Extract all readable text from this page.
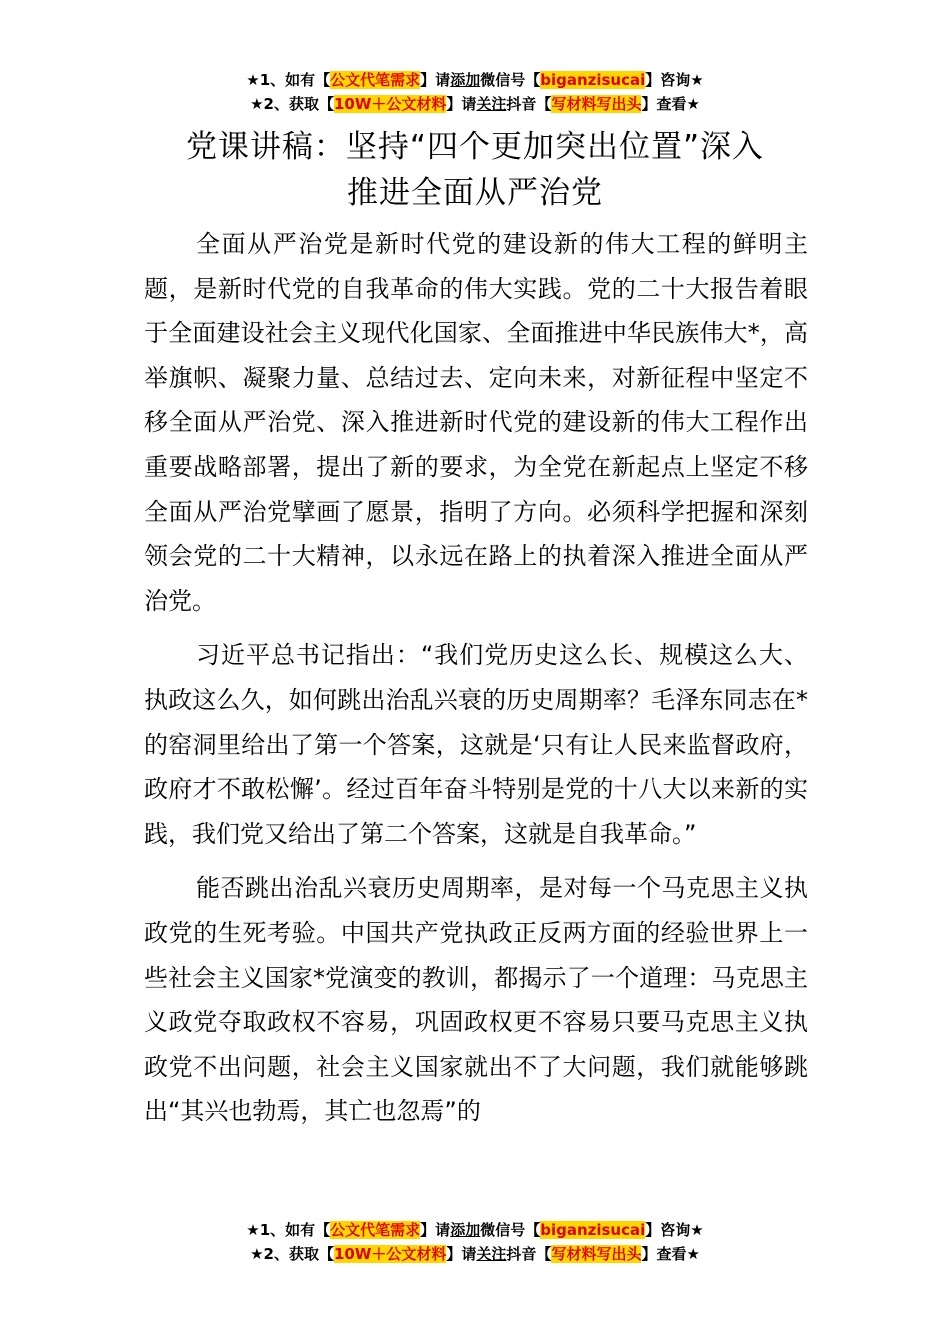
★1、如有【公文代笔需求】请添加微信号【biganzisucai】咨询★
★2、获取【10W＋公文材料】请关注抖音【写材料写出头】查看★
党课讲稿：坚持“四个更加突出位置”深入
推进全面从严治党

全面从严治党是新时代党的建设新的伟大工程的鲜明主题，是新时代党的自我革命的伟大实践。党的二十大报告着眼于全面建设社会主义现代化国家、全面推进中华民族伟大*，高举旗帜、凝聚力量、总结过去、定向未来，对新征程中坚定不移全面从严治党、深入推进新时代党的建设新的伟大工程作出重要战略部署，提出了新的要求，为全党在新起点上坚定不移全面从严治党擘画了愿景，指明了方向。必须科学把握和深刻领会党的二十大精神，以永远在路上的执着深入推进全面从严治党。

习近平总书记指出：“我们党历史这么长、规模这么大、执政这么久，如何跳出治乱兴衰的历史周期率？毛泽东同志在*的窑洞里给出了第一个答案，这就是‘只有让人民来监督政府，政府才不敢松懈’。经过百年奋斗特别是党的十八大以来新的实践，我们党又给出了第二个答案，这就是自我革命。”

能否跳出治乱兴衰历史周期率，是对每一个马克思主义执政党的生死考验。中国共产党执政正反两方面的经验世界上一些社会主义国家*党演变的教训，都揭示了一个道理：马克思主义政党夺取政权不容易，巩固政权更不容易只要马克思主义执政党不出问题，社会主义国家就出不了大问题，我们就能够跳出“其兴也勃焉，其亡也忽焉”的

★1、如有【公文代笔需求】请添加微信号【biganzisucai】咨询★
★2、获取【10W＋公文材料】请关注抖音【写材料写出头】查看★
